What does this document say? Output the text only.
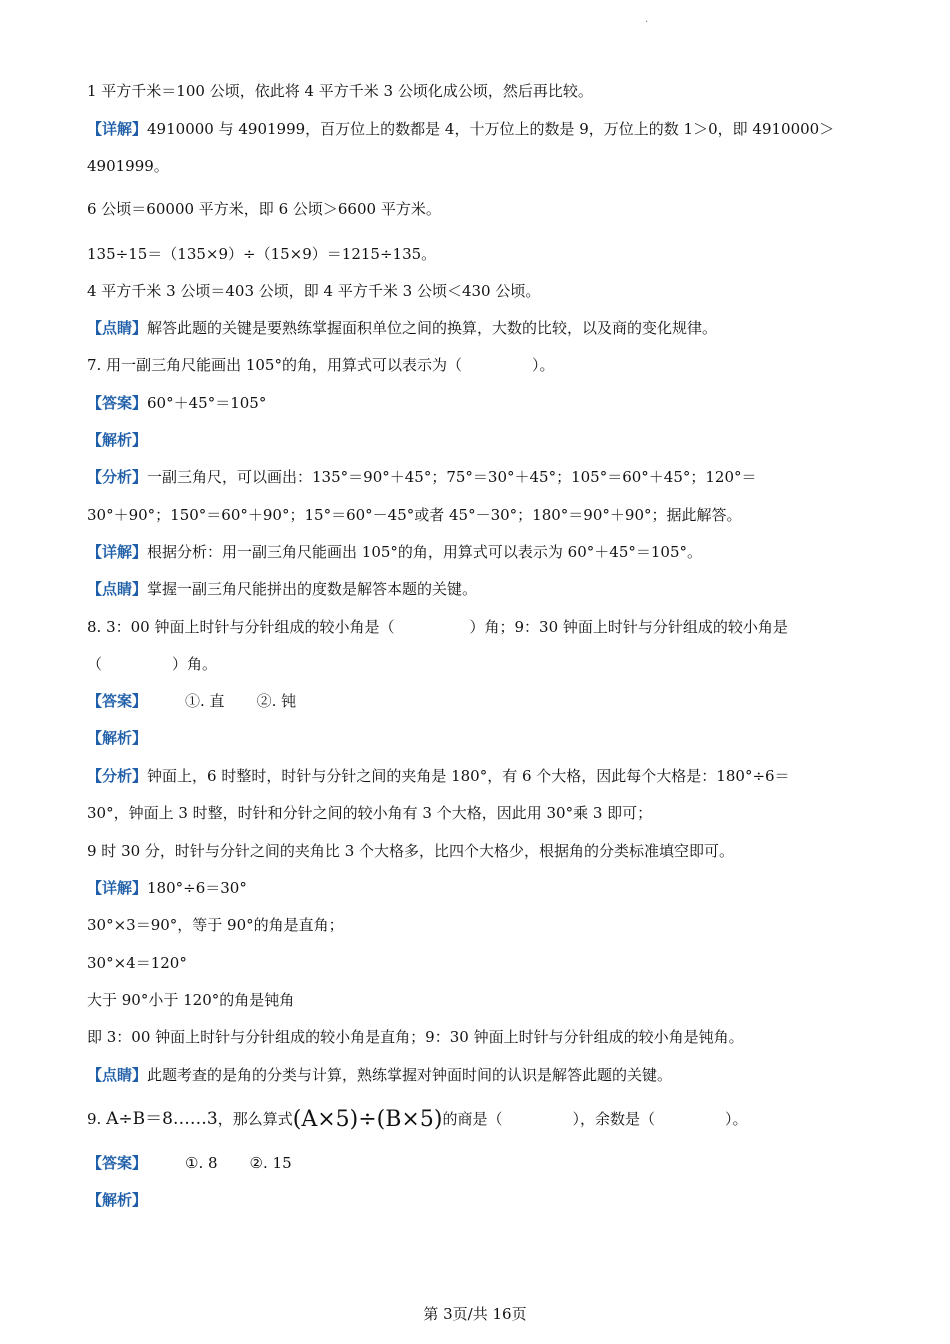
.
1 平方千米＝100 公顷，依此将 4 平方千米 3 公顷化成公顷，然后再比较。
【详解】4910000 与 4901999，百万位上的数都是 4，十万位上的数是 9，万位上的数 1＞0，即 4910000＞
4901999。
6 公顷＝60000 平方米，即 6 公顷＞6600 平方米。
135÷15＝（135×9）÷（15×9）＝1215÷135。
4 平方千米 3 公顷＝403 公顷，即 4 平方千米 3 公顷＜430 公顷。
【点睛】解答此题的关键是要熟练掌握面积单位之间的换算，大数的比较，以及商的变化规律。
7. 用一副三角尺能画出 105°的角，用算式可以表示为（	）。
【答案】60°＋45°＝105°
【解析】
【分析】一副三角尺，可以画出：135°＝90°＋45°；75°＝30°＋45°；105°＝60°＋45°；120°＝
30°＋90°；150°＝60°＋90°；15°＝60°－45°或者 45°－30°；180°＝90°＋90°；据此解答。
【详解】根据分析：用一副三角尺能画出 105°的角，用算式可以表示为 60°＋45°＝105°。
【点睛】掌握一副三角尺能拼出的度数是解答本题的关键。
8. 3：00 钟面上时针与分针组成的较小角是（	）角；9：30 钟面上时针与分针组成的较小角是
（	）角。
【答案】	①. 直 ②. 钝
【解析】
【分析】钟面上，6 时整时，时针与分针之间的夹角是 180°，有 6 个大格，因此每个大格是：180°÷6＝
30°，钟面上 3 时整，时针和分针之间的较小角有 3 个大格，因此用 30°乘 3 即可；
9 时 30 分，时针与分针之间的夹角比 3 个大格多，比四个大格少，根据角的分类标准填空即可。
【详解】180°÷6＝30°
30°×3＝90°，等于 90°的角是直角；
30°×4＝120°
大于 90°小于 120°的角是钝角
即 3：00 钟面上时针与分针组成的较小角是直角；9：30 钟面上时针与分针组成的较小角是钝角。
【点睛】此题考查的是角的分类与计算，熟练掌握对钟面时间的认识是解答此题的关键。
9. A÷B＝8……3，那么算式(A×5)÷(B×5)的商是（	），余数是（	）。
【答案】	①. 8 ②. 15
【解析】
第 3页/共 16页
